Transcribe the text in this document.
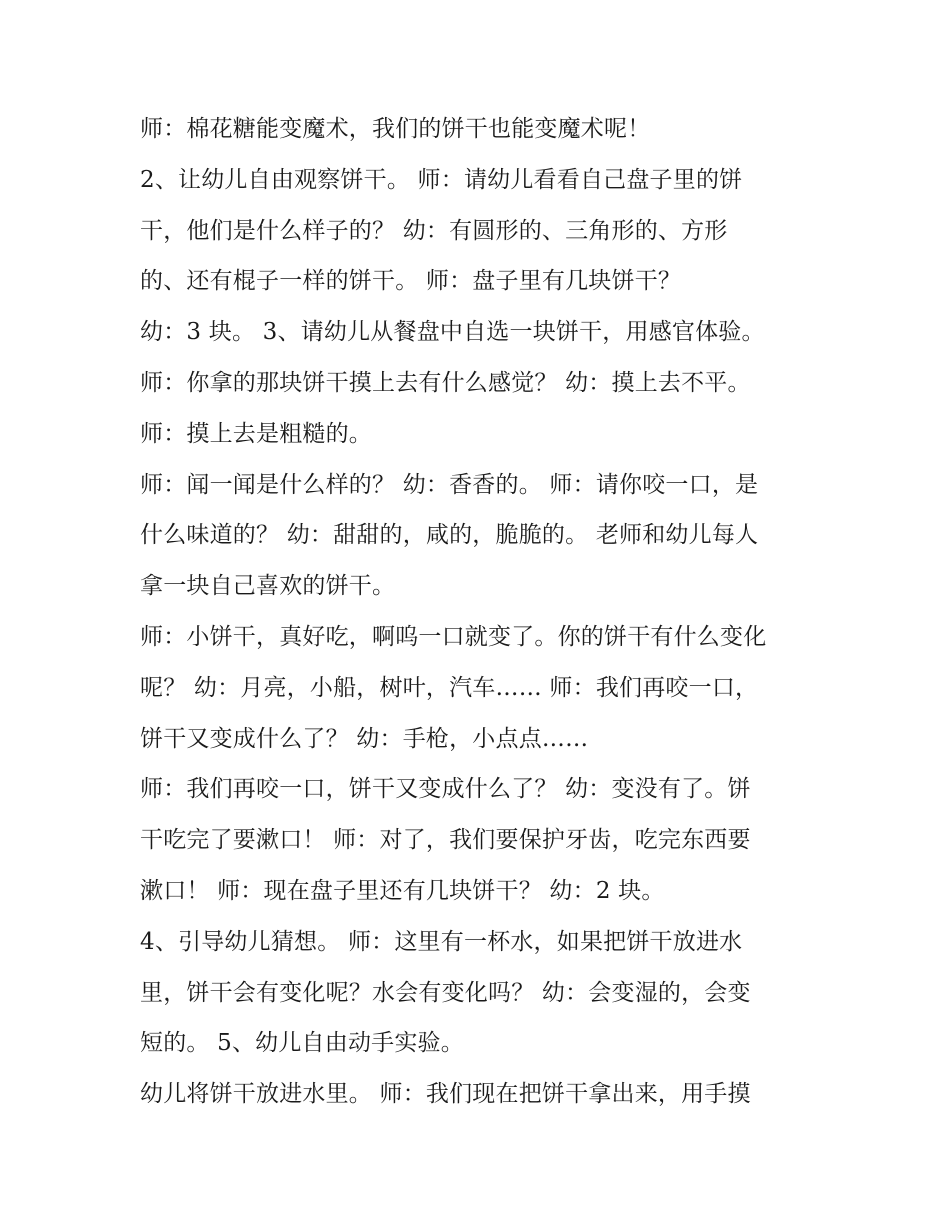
师：棉花糖能变魔术，我们的饼干也能变魔术呢！
2、让幼儿自由观察饼干。 师：请幼儿看看自己盘子里的饼
干，他们是什么样子的？ 幼：有圆形的、三角形的、方形
的、还有棍子一样的饼干。 师：盘子里有几块饼干？
幼：3 块。 3、请幼儿从餐盘中自选一块饼干，用感官体验。
师：你拿的那块饼干摸上去有什么感觉？ 幼：摸上去不平。
师：摸上去是粗糙的。
师：闻一闻是什么样的？ 幼：香香的。 师：请你咬一口，是
什么味道的？ 幼：甜甜的，咸的，脆脆的。 老师和幼儿每人
拿一块自己喜欢的饼干。
师：小饼干，真好吃，啊呜一口就变了。你的饼干有什么变化
呢？ 幼：月亮，小船，树叶，汽车…… 师：我们再咬一口，
饼干又变成什么了？ 幼：手枪，小点点……
师：我们再咬一口，饼干又变成什么了？ 幼：变没有了。饼
干吃完了要漱口！ 师：对了，我们要保护牙齿，吃完东西要
漱口！ 师：现在盘子里还有几块饼干？ 幼：2 块。
4、引导幼儿猜想。 师：这里有一杯水，如果把饼干放进水
里，饼干会有变化呢？水会有变化吗？ 幼：会变湿的，会变
短的。 5、幼儿自由动手实验。
幼儿将饼干放进水里。 师：我们现在把饼干拿出来，用手摸
